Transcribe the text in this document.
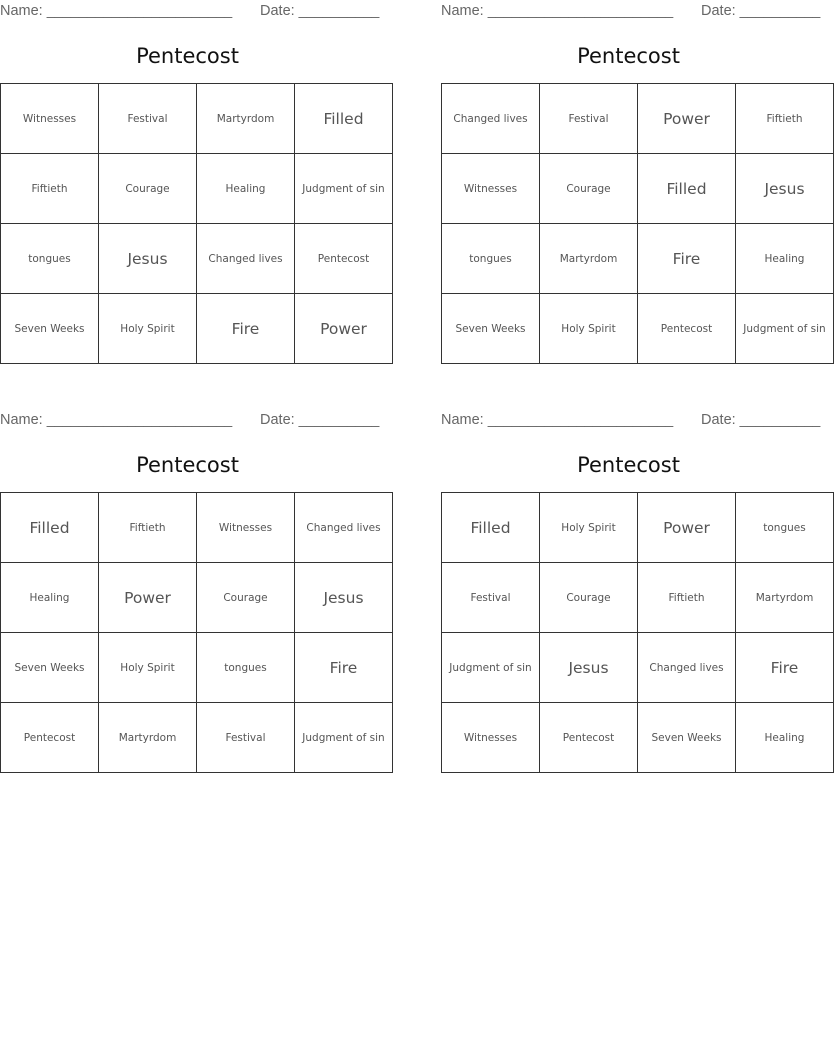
Name: _______________________ Date: __________
Pentecost
Witnesses	Festival	Martyrdom	Filled
Fiftieth	Courage	Healing	Judgment of sin
tongues	Jesus	Changed lives	Pentecost
Seven Weeks	Holy Spirit	Fire	Power
Name: _______________________ Date: __________
Pentecost
Changed lives	Festival	Power	Fiftieth
Witnesses	Courage	Filled	Jesus
tongues	Martyrdom	Fire	Healing
Seven Weeks	Holy Spirit	Pentecost	Judgment of sin
Name: _______________________ Date: __________
Pentecost
Filled	Fiftieth	Witnesses	Changed lives
Healing	Power	Courage	Jesus
Seven Weeks	Holy Spirit	tongues	Fire
Pentecost	Martyrdom	Festival	Judgment of sin
Name: _______________________ Date: __________
Pentecost
Filled	Holy Spirit	Power	tongues
Festival	Courage	Fiftieth	Martyrdom
Judgment of sin	Jesus	Changed lives	Fire
Witnesses	Pentecost	Seven Weeks	Healing
